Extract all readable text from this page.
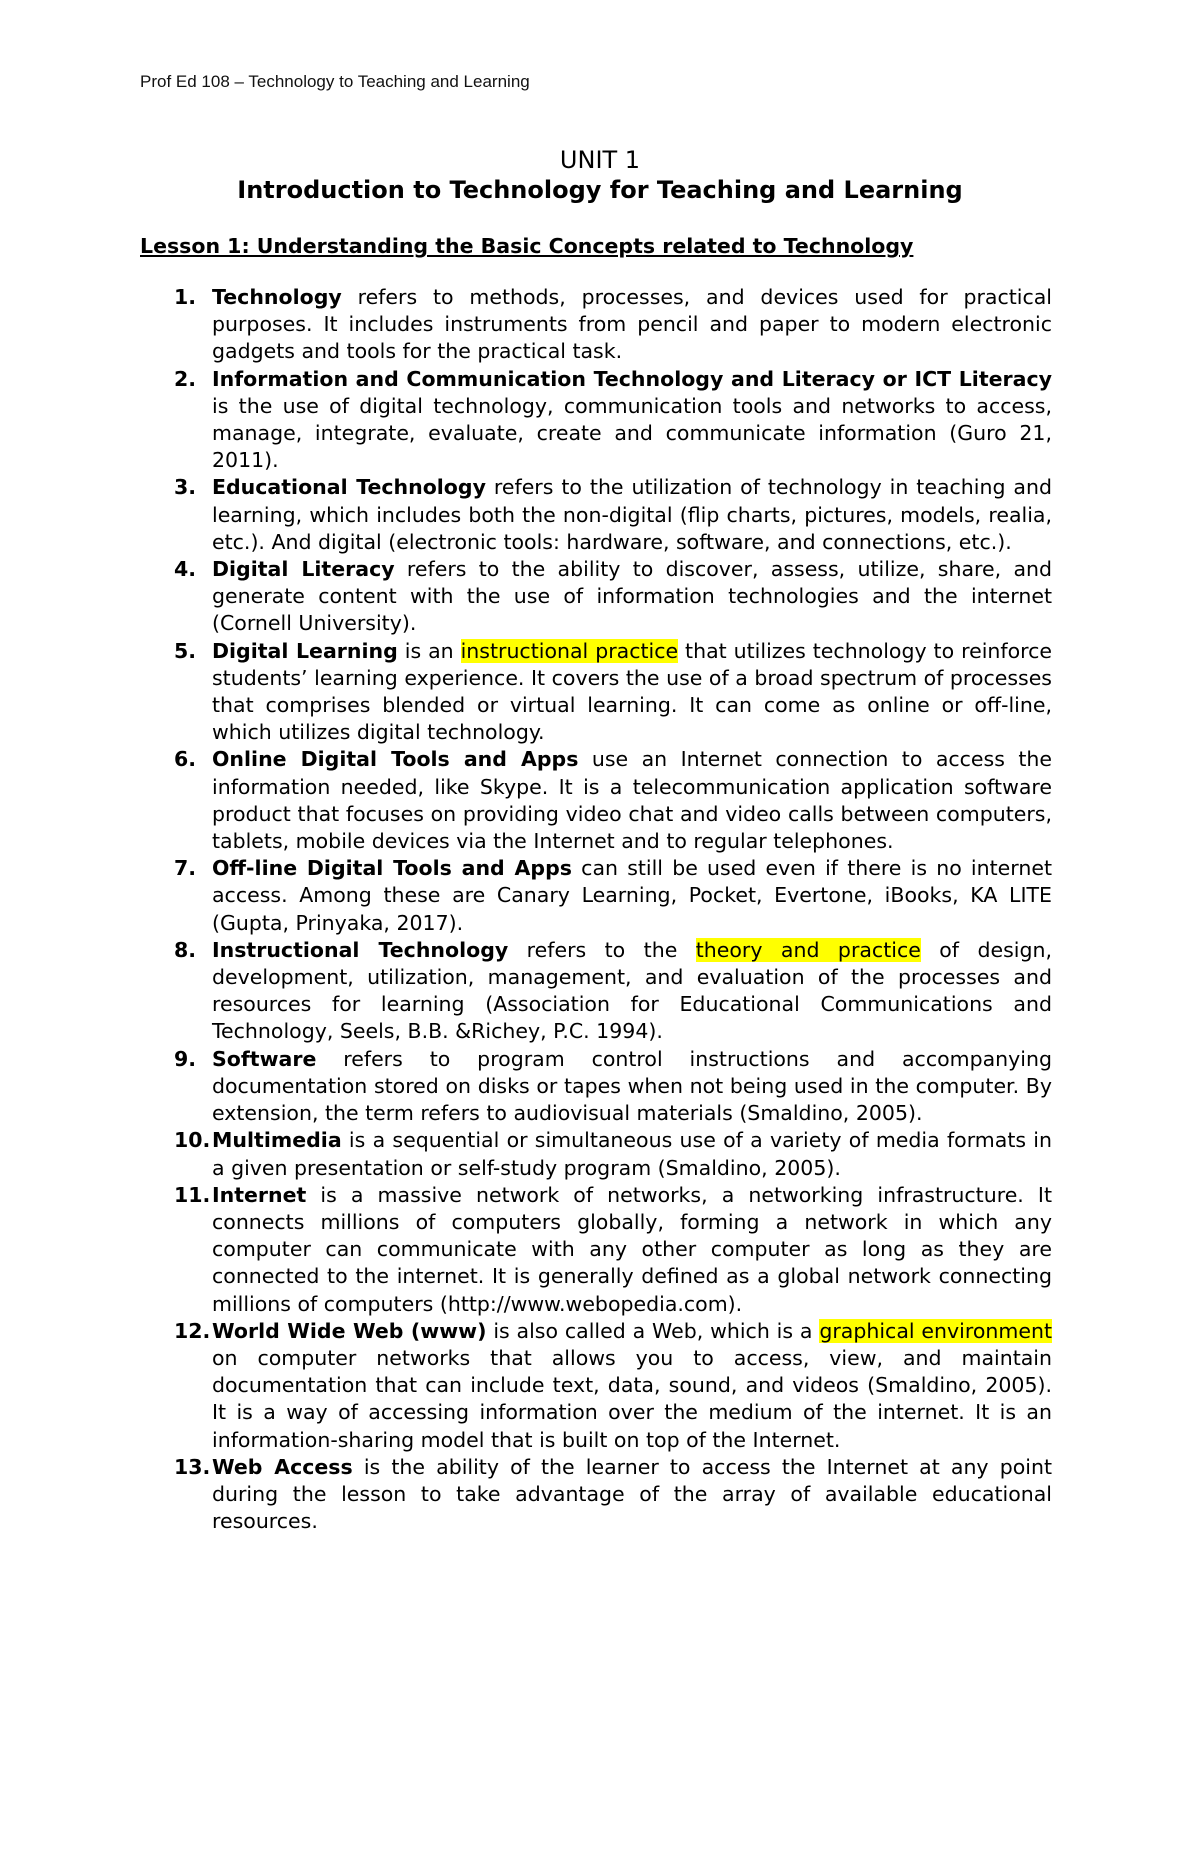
Prof Ed 108 – Technology to Teaching and Learning
UNIT 1
Introduction to Technology for Teaching and Learning
Lesson 1: Understanding the Basic Concepts related to Technology
1. Technology refers to methods, processes, and devices used for practical purposes. It includes instruments from pencil and paper to modern electronic gadgets and tools for the practical task.
2. Information and Communication Technology and Literacy or ICT Literacy is the use of digital technology, communication tools and networks to access, manage, integrate, evaluate, create and communicate information (Guro 21, 2011).
3. Educational Technology refers to the utilization of technology in teaching and learning, which includes both the non-digital (flip charts, pictures, models, realia, etc.). And digital (electronic tools: hardware, software, and connections, etc.).
4. Digital Literacy refers to the ability to discover, assess, utilize, share, and generate content with the use of information technologies and the internet (Cornell University).
5. Digital Learning is an instructional practice that utilizes technology to reinforce students’ learning experience. It covers the use of a broad spectrum of processes that comprises blended or virtual learning. It can come as online or off-line, which utilizes digital technology.
6. Online Digital Tools and Apps use an Internet connection to access the information needed, like Skype. It is a telecommunication application software product that focuses on providing video chat and video calls between computers, tablets, mobile devices via the Internet and to regular telephones.
7. Off-line Digital Tools and Apps can still be used even if there is no internet access. Among these are Canary Learning, Pocket, Evertone, iBooks, KA LITE (Gupta, Prinyaka, 2017).
8. Instructional Technology refers to the theory and practice of design, development, utilization, management, and evaluation of the processes and resources for learning (Association for Educational Communications and Technology, Seels, B.B. &Richey, P.C. 1994).
9. Software refers to program control instructions and accompanying documentation stored on disks or tapes when not being used in the computer. By extension, the term refers to audiovisual materials (Smaldino, 2005).
10. Multimedia is a sequential or simultaneous use of a variety of media formats in a given presentation or self-study program (Smaldino, 2005).
11. Internet is a massive network of networks, a networking infrastructure. It connects millions of computers globally, forming a network in which any computer can communicate with any other computer as long as they are connected to the internet. It is generally defined as a global network connecting millions of computers (http://www.webopedia.com).
12. World Wide Web (www) is also called a Web, which is a graphical environment on computer networks that allows you to access, view, and maintain documentation that can include text, data, sound, and videos (Smaldino, 2005). It is a way of accessing information over the medium of the internet. It is an information-sharing model that is built on top of the Internet.
13. Web Access is the ability of the learner to access the Internet at any point during the lesson to take advantage of the array of available educational resources.
